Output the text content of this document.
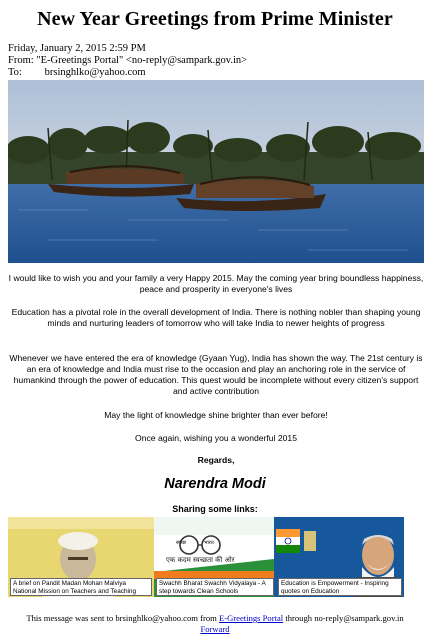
New Year Greetings from Prime Minister
Friday, January 2, 2015 2:59 PM
From: "E-Greetings Portal" <no-reply@sampark.gov.in>
To: brsinghlko@yahoo.com
I would like to wish you and your family a very Happy 2015. May the coming year bring boundless happiness, peace and prosperity in everyone's lives
Education has a pivotal role in the overall development of India. There is nothing nobler than shaping young minds and nurturing leaders of tomorrow who will take India to newer heights of progress
Whenever we have entered the era of knowledge (Gyaan Yug), India has shown the way. The 21st century is an era of knowledge and India must rise to the occasion and play an anchoring role in the service of humankind through the power of education. This quest would be incomplete without every citizen's support and active contribution
May the light of knowledge shine brighter than ever before!
Once again, wishing you a wonderful 2015
Regards,
Narendra Modi
Sharing some links:
स्वच्छ	भारत
एक कदम स्वच्छता की ओर
A brief on Pandit Madan Mohan Malviya National Mission on Teachers and Teaching
Swachh Bharat Swachh Vidyalaya - A step towards Clean Schools
Education is Empowerment - Inspiring quotes on Education
This message was sent to brsinghlko@yahoo.com from E-Greetings Portal through no-reply@sampark.gov.in
Forward
